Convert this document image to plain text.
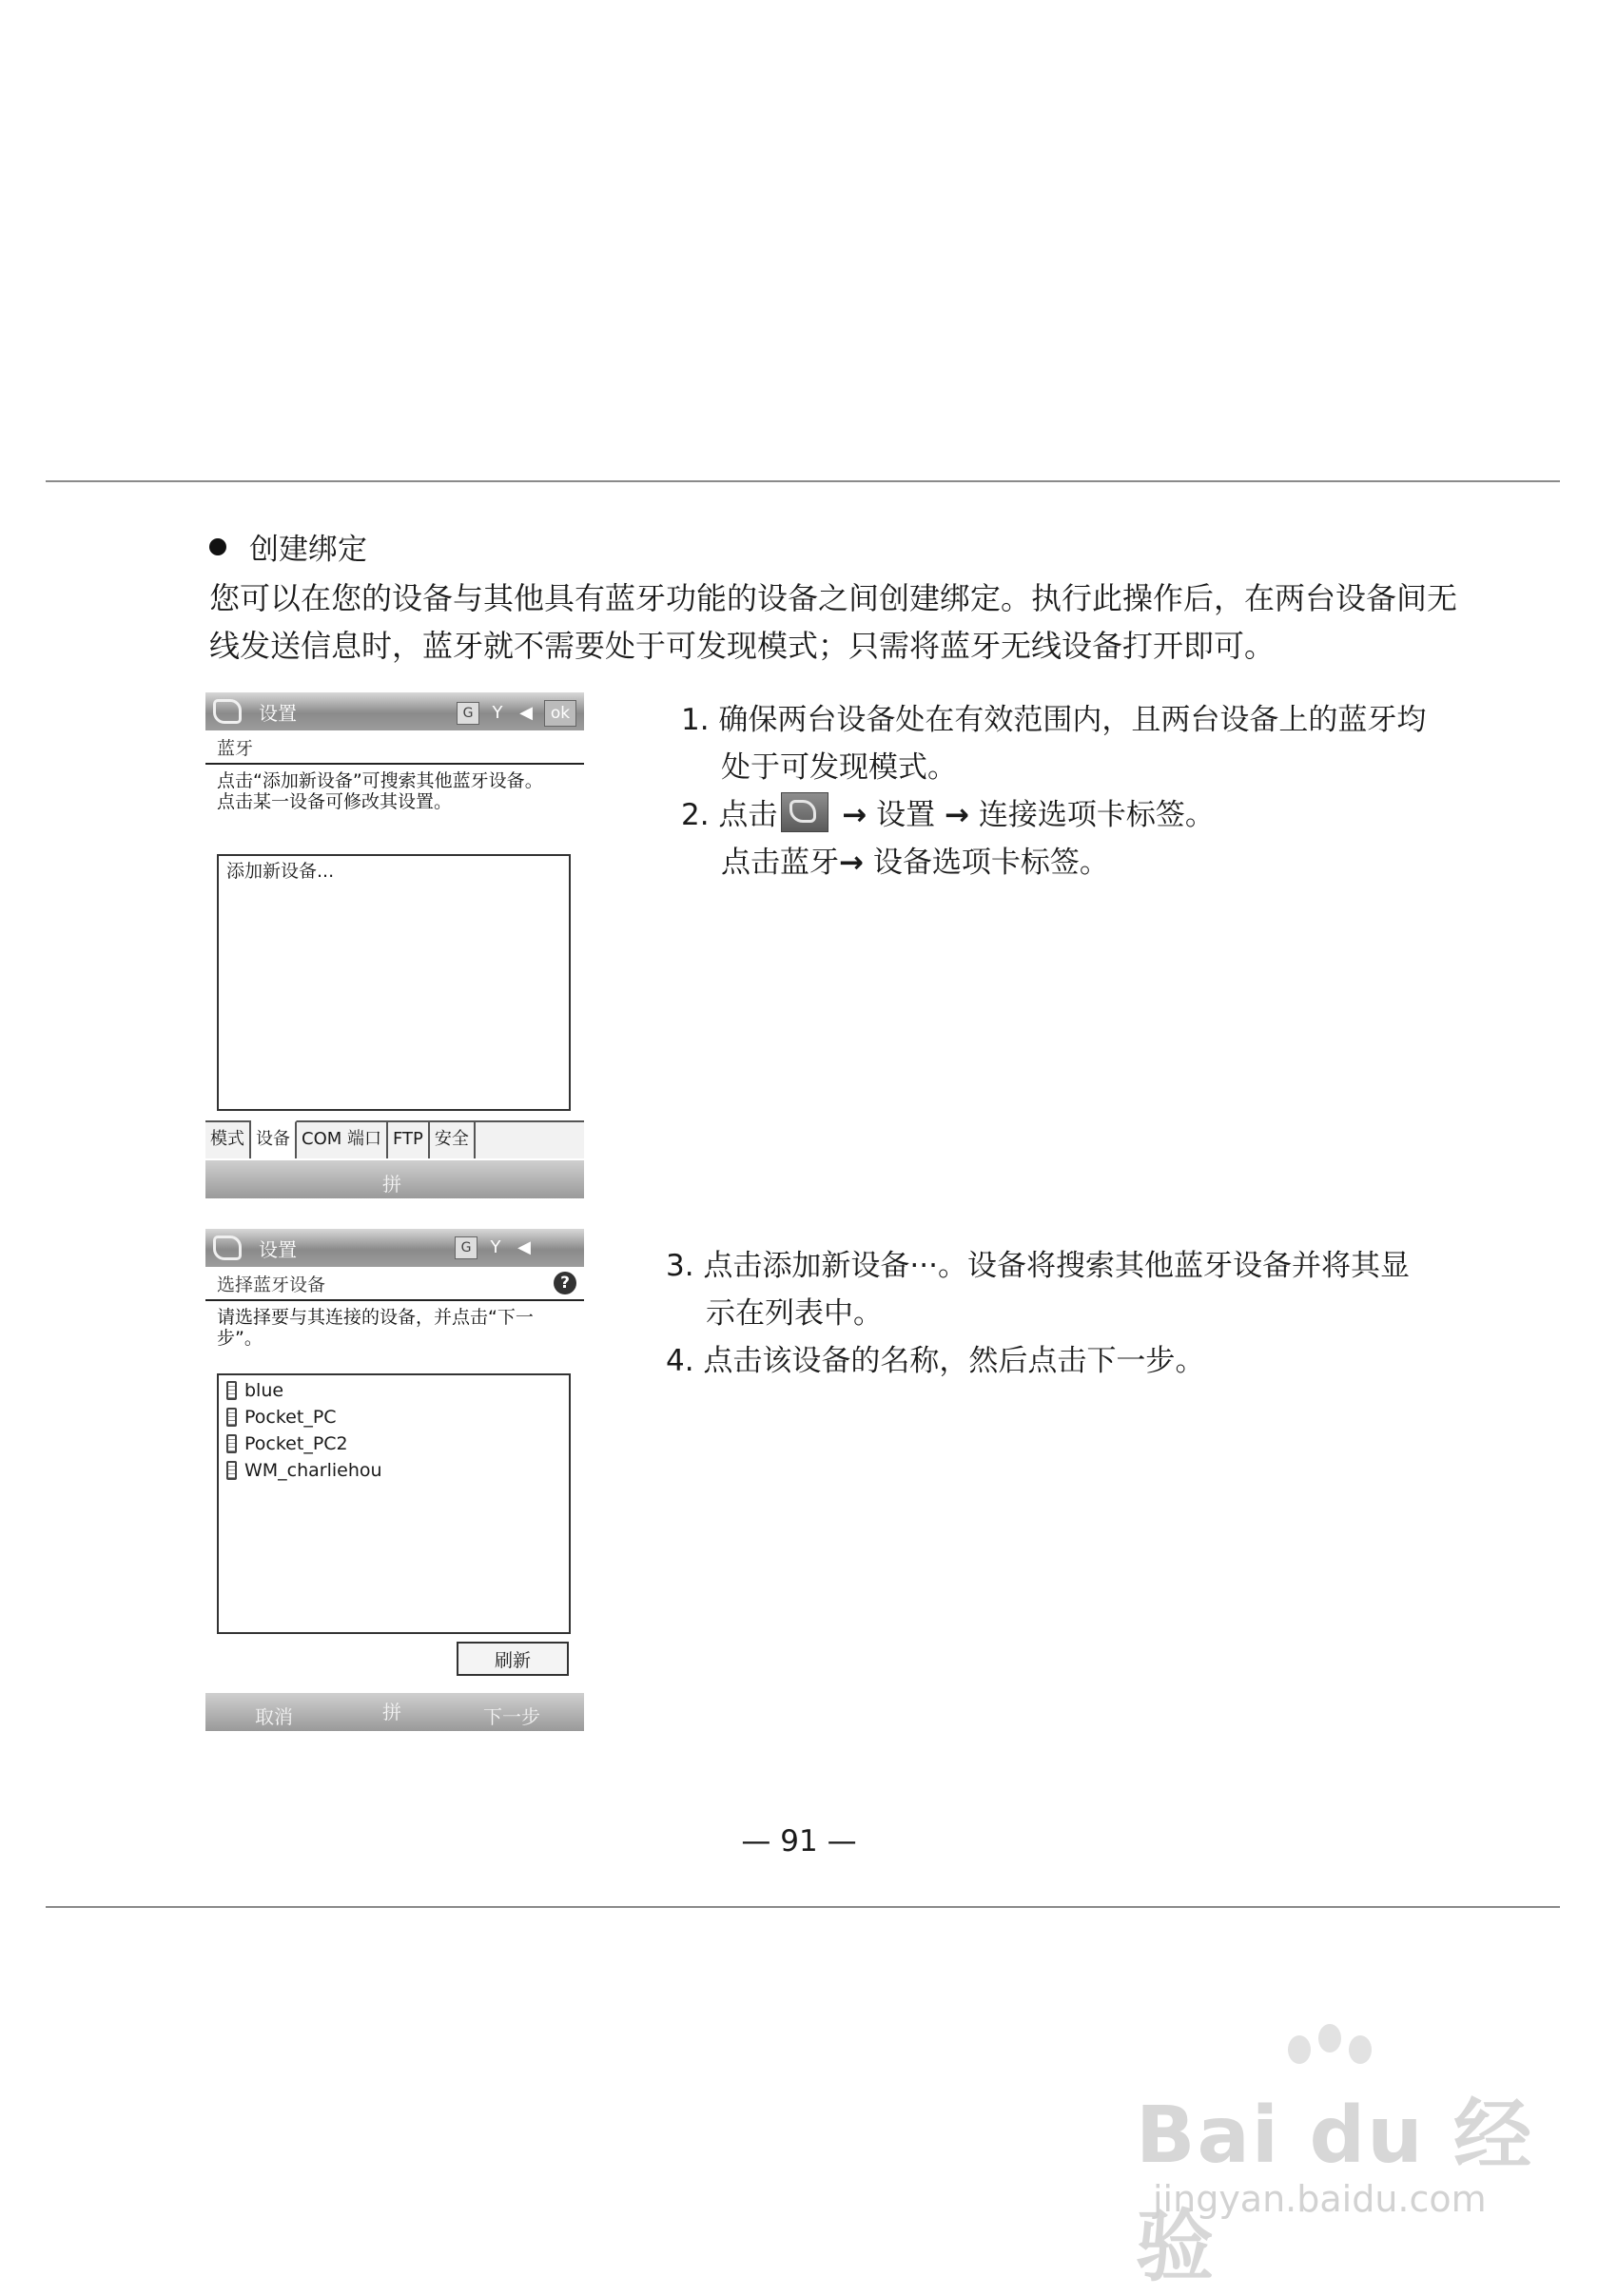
创建绑定
您可以在您的设备与其他具有蓝牙功能的设备之间创建绑定。执行此操作后，在两台设备间无
线发送信息时，蓝牙就不需要处于可发现模式；只需将蓝牙无线设备打开即可。
设置	G	Y ◀	ok
蓝牙
点击“添加新设备”可搜索其他蓝牙设备。
点击某一设备可修改其设置。
添加新设备...
模式 设备 COM 端口 FTP 安全
拼

1. 确保两台设备处在有效范围内，且两台设备上的蓝牙均

处于可发现模式。

2. 点击 → 设置 → 连接选项卡标签。

点击蓝牙→ 设备选项卡标签。

设置	G	Y ◀
选择蓝牙设备	?
请选择要与其连接的设备，并点击“下一
步”。
blue
Pocket_PC
Pocket_PC2
WM_charliehou
刷新
取消	拼	下一步

3. 点击添加新设备···。设备将搜索其他蓝牙设备并将其显

示在列表中。

4. 点击该设备的名称，然后点击下一步。

— 91 —
Bai du 经验
jingyan.baidu.com
